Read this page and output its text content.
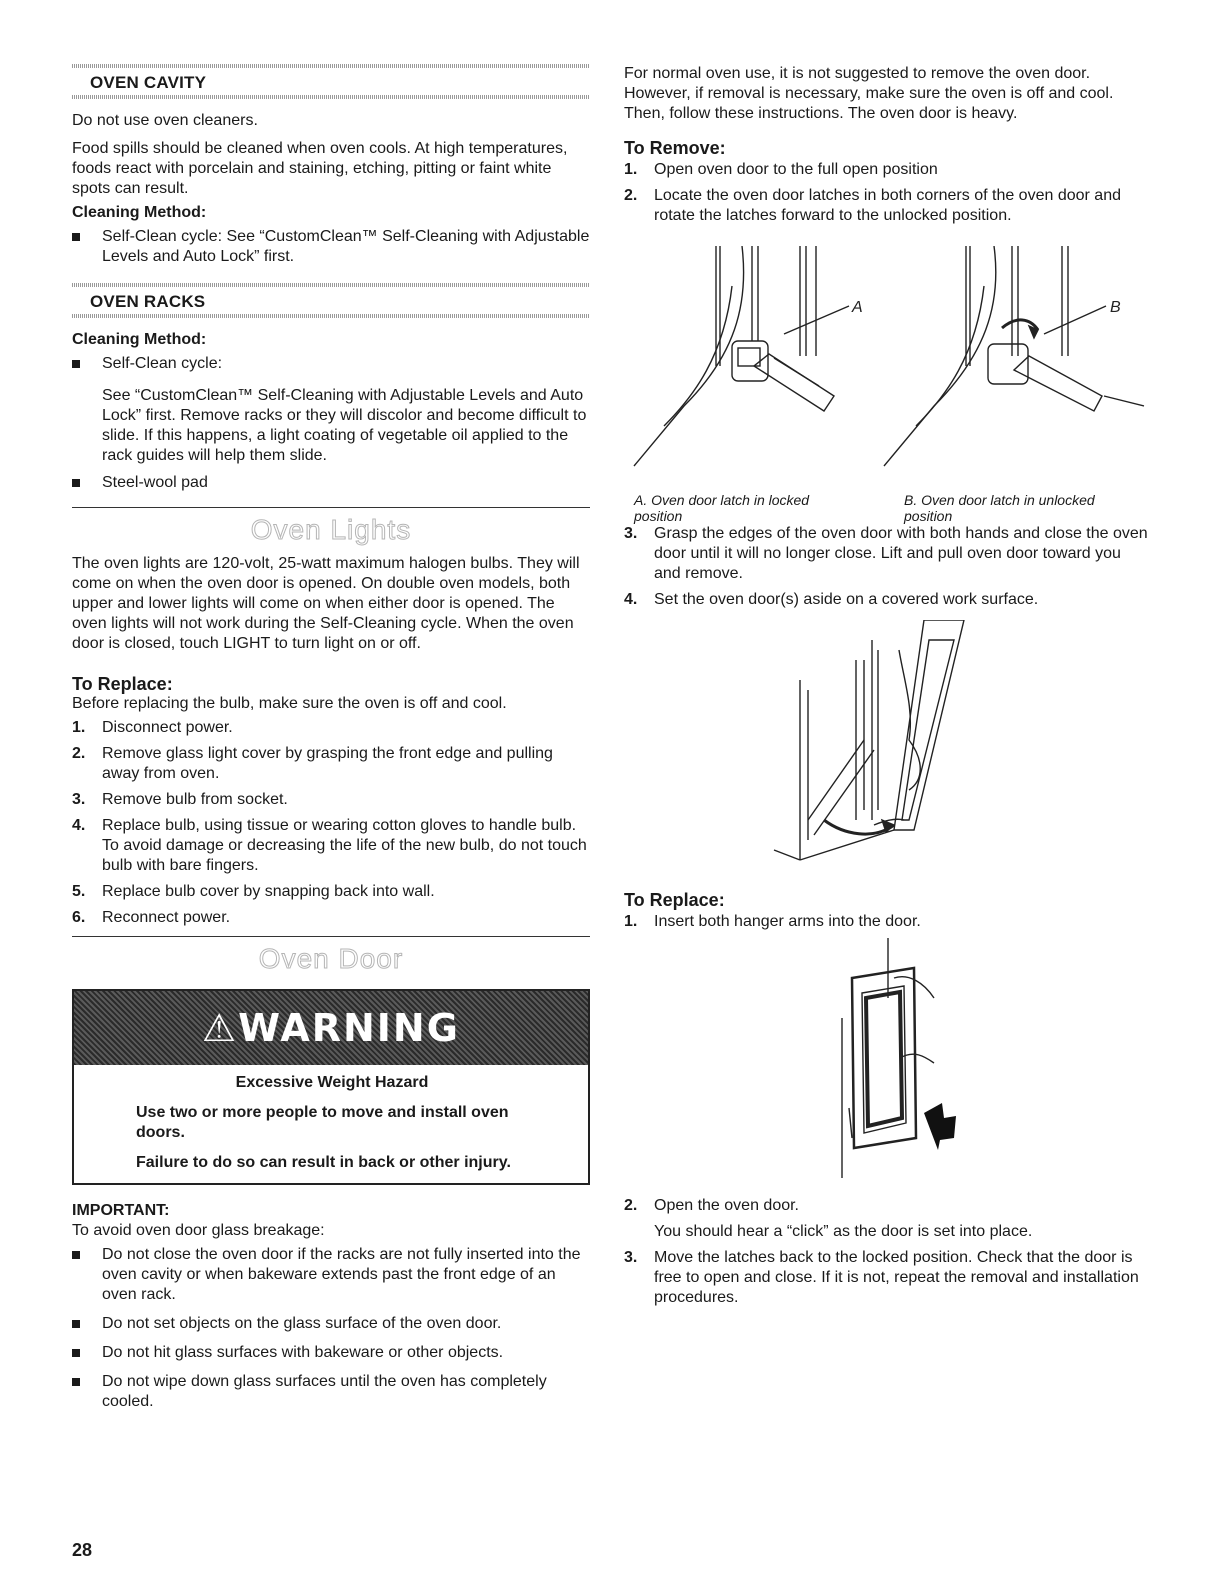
OVEN CAVITY

Do not use oven cleaners.

Food spills should be cleaned when oven cools. At high temperatures, foods react with porcelain and staining, etching, pitting or faint white spots can result.

Cleaning Method:

Self-Clean cycle: See “CustomClean™ Self-Cleaning with Adjustable Levels and Auto Lock” first.
OVEN RACKS

Cleaning Method:

Self-Clean cycle:
See “CustomClean™ Self-Cleaning with Adjustable Levels and Auto Lock” first. Remove racks or they will discolor and become difficult to slide. If this happens, a light coating of vegetable oil applied to the rack guides will help them slide.
Steel-wool pad
Oven Lights

The oven lights are 120-volt, 25-watt maximum halogen bulbs. They will come on when the oven door is opened. On double oven models, both upper and lower lights will come on when either door is opened. The oven lights will not work during the Self-Cleaning cycle. When the oven door is closed, touch LIGHT to turn light on or off.

To Replace:

Before replacing the bulb, make sure the oven is off and cool.

1. Disconnect power.
2. Remove glass light cover by grasping the front edge and pulling away from oven.
3. Remove bulb from socket.
4. Replace bulb, using tissue or wearing cotton gloves to handle bulb. To avoid damage or decreasing the life of the new bulb, do not touch bulb with bare fingers.
5. Replace bulb cover by snapping back into wall.
6. Reconnect power.
Oven Door
⚠WARNING

Excessive Weight Hazard

Use two or more people to move and install oven doors.

Failure to do so can result in back or other injury.

IMPORTANT:

To avoid oven door glass breakage:

Do not close the oven door if the racks are not fully inserted into the oven cavity or when bakeware extends past the front edge of an oven rack.
Do not set objects on the glass surface of the oven door.
Do not hit glass surfaces with bakeware or other objects.
Do not wipe down glass surfaces until the oven has completely cooled.

For normal oven use, it is not suggested to remove the oven door. However, if removal is necessary, make sure the oven is off and cool. Then, follow these instructions. The oven door is heavy.

To Remove:

1. Open oven door to the full open position
2. Locate the oven door latches in both corners of the oven door and rotate the latches forward to the unlocked position.
A	B

A. Oven door latch in locked position

B. Oven door latch in unlocked position

3. Grasp the edges of the oven door with both hands and close the oven door until it will no longer close. Lift and pull oven door toward you and remove.
4. Set the oven door(s) aside on a covered work surface.

To Replace:

1. Insert both hanger arms into the door.
2. Open the oven door.
You should hear a “click” as the door is set into place.
3. Move the latches back to the locked position. Check that the door is free to open and close. If it is not, repeat the removal and installation procedures.
28
